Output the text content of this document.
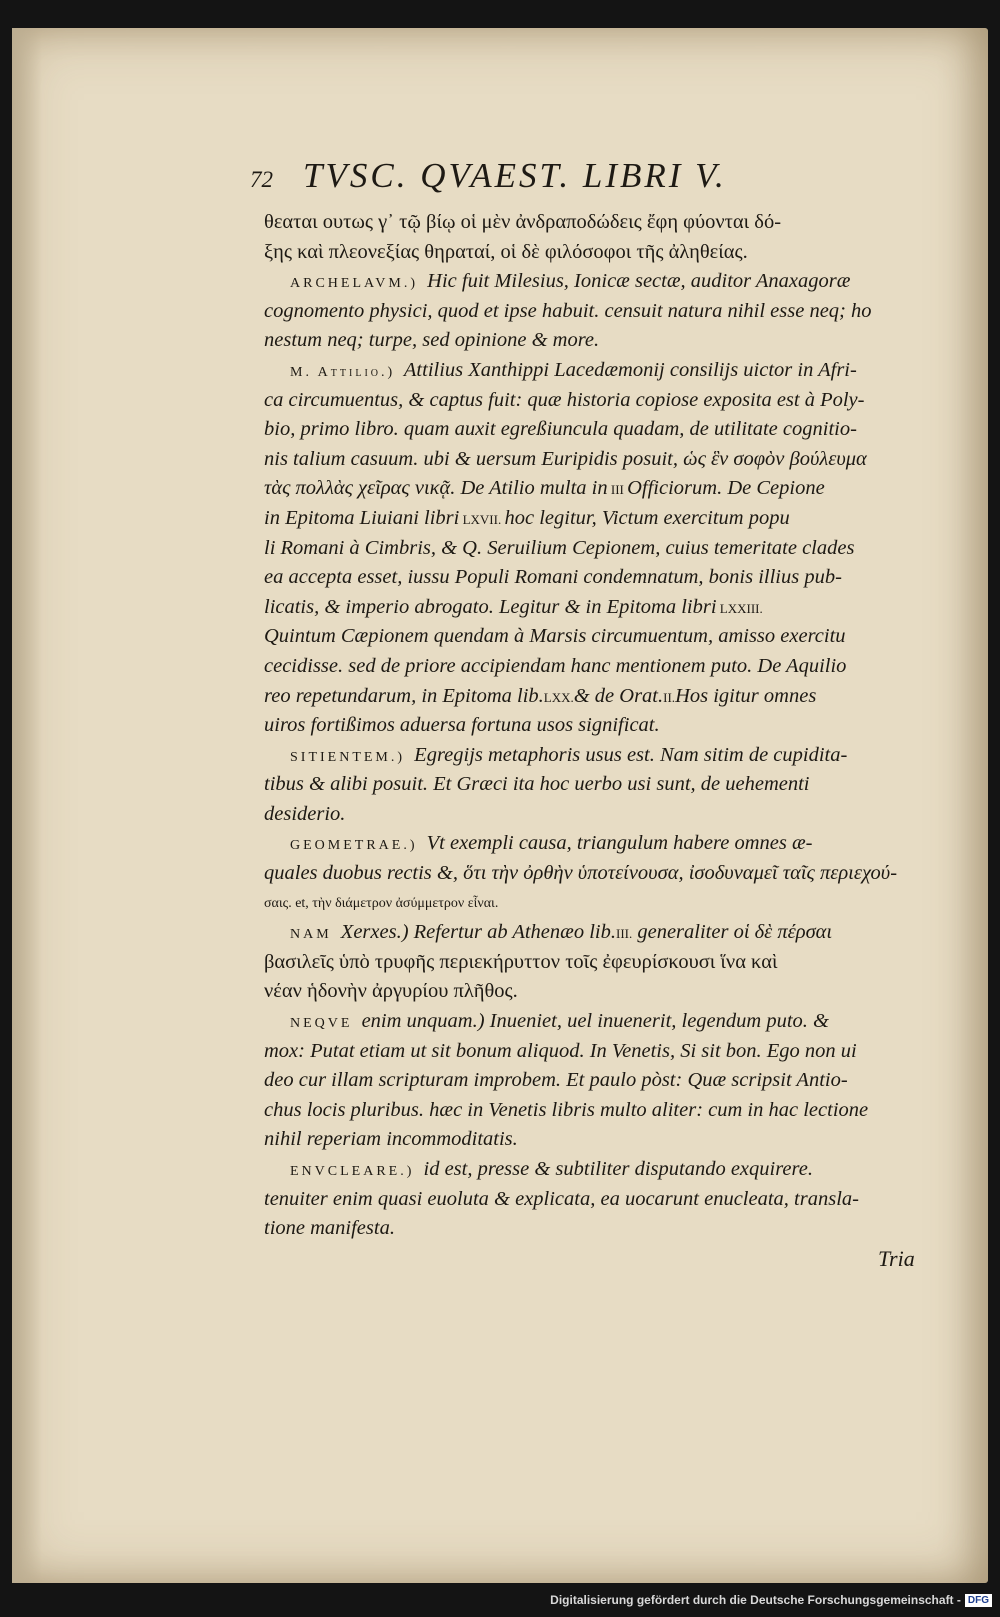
72 TVSC. QVAEST. LIBRI V.
θεαται ουτως γ᾽ τῷ βίῳ οἱ μὲν ἀνδραποδώδεις ἔφη φύονται δό-
ξης καὶ πλεονεξίας θηραταί, οἱ δὲ φιλόσοφοι τῆς ἀληθείας.
ARCHELAVM.) Hic fuit Milesius, Ionicæ sectæ, auditor Anaxagoræ
cognomento physici, quod et ipse habuit. censuit natura nihil esse neq; ho
nestum neq; turpe, sed opinione & more.
M. Attilio.) Attilius Xanthippi Lacedæmonij consilijs uictor in Afri-
ca circumuentus, & captus fuit: quæ historia copiose exposita est à Poly-
bio, primo libro. quam auxit egreßiuncula quadam, de utilitate cognitio-
nis talium casuum. ubi & uersum Euripidis posuit, ὡς ἓν σοφὸν βούλευμα
τὰς πολλὰς χεῖρας νικᾷ. De Atilio multa in III Officiorum. De Cepione
in Epitoma Liuiani libri LXVII. hoc legitur, Victum exercitum popu
li Romani à Cimbris, & Q. Seruilium Cepionem, cuius temeritate clades
ea accepta esset, iussu Populi Romani condemnatum, bonis illius pub-
licatis, & imperio abrogato. Legitur & in Epitoma libri LXXIII.
Quintum Cæpionem quendam à Marsis circumuentum, amisso exercitu
cecidisse. sed de priore accipiendam hanc mentionem puto. De Aquilio
reo repetundarum, in Epitoma lib.LXX.& de Orat.II.Hos igitur omnes
uiros fortißimos aduersa fortuna usos significat.
SITIENTEM.) Egregijs metaphoris usus est. Nam sitim de cupidita-
tibus & alibi posuit. Et Græci ita hoc uerbo usi sunt, de uehementi
desiderio.
GEOMETRAE.) Vt exempli causa, triangulum habere omnes æ-
quales duobus rectis &, ὅτι τὴν ὀρθὴν ὑποτείνουσα, ἰσοδυναμεῖ ταῖς περιεχού-
σαις. et, τὴν διάμετρον ἀσύμμετρον εἶναι.
NAM Xerxes.) Refertur ab Athenæo lib.III. generaliter οἱ δὲ πέρσαι
βασιλεῖς ὑπὸ τρυφῆς περιεκήρυττον τοῖς ἐφευρίσκουσι ἵνα καὶ
νέαν ἡδονὴν ἀργυρίου πλῆθος.
NEQVE enim unquam.) Inueniet, uel inuenerit, legendum puto. &
mox: Putat etiam ut sit bonum aliquod. In Venetis, Si sit bon. Ego non ui
deo cur illam scripturam improbem. Et paulo pòst: Quæ scripsit Antio-
chus locis pluribus. hæc in Venetis libris multo aliter: cum in hac lectione
nihil reperiam incommoditatis.
ENVCLEARE.) id est, presse & subtiliter disputando exquirere.
tenuiter enim quasi euoluta & explicata, ea uocarunt enucleata, transla-
tione manifesta.
Tria
Digitalisierung gefördert durch die Deutsche Forschungsgemeinschaft - DFG
